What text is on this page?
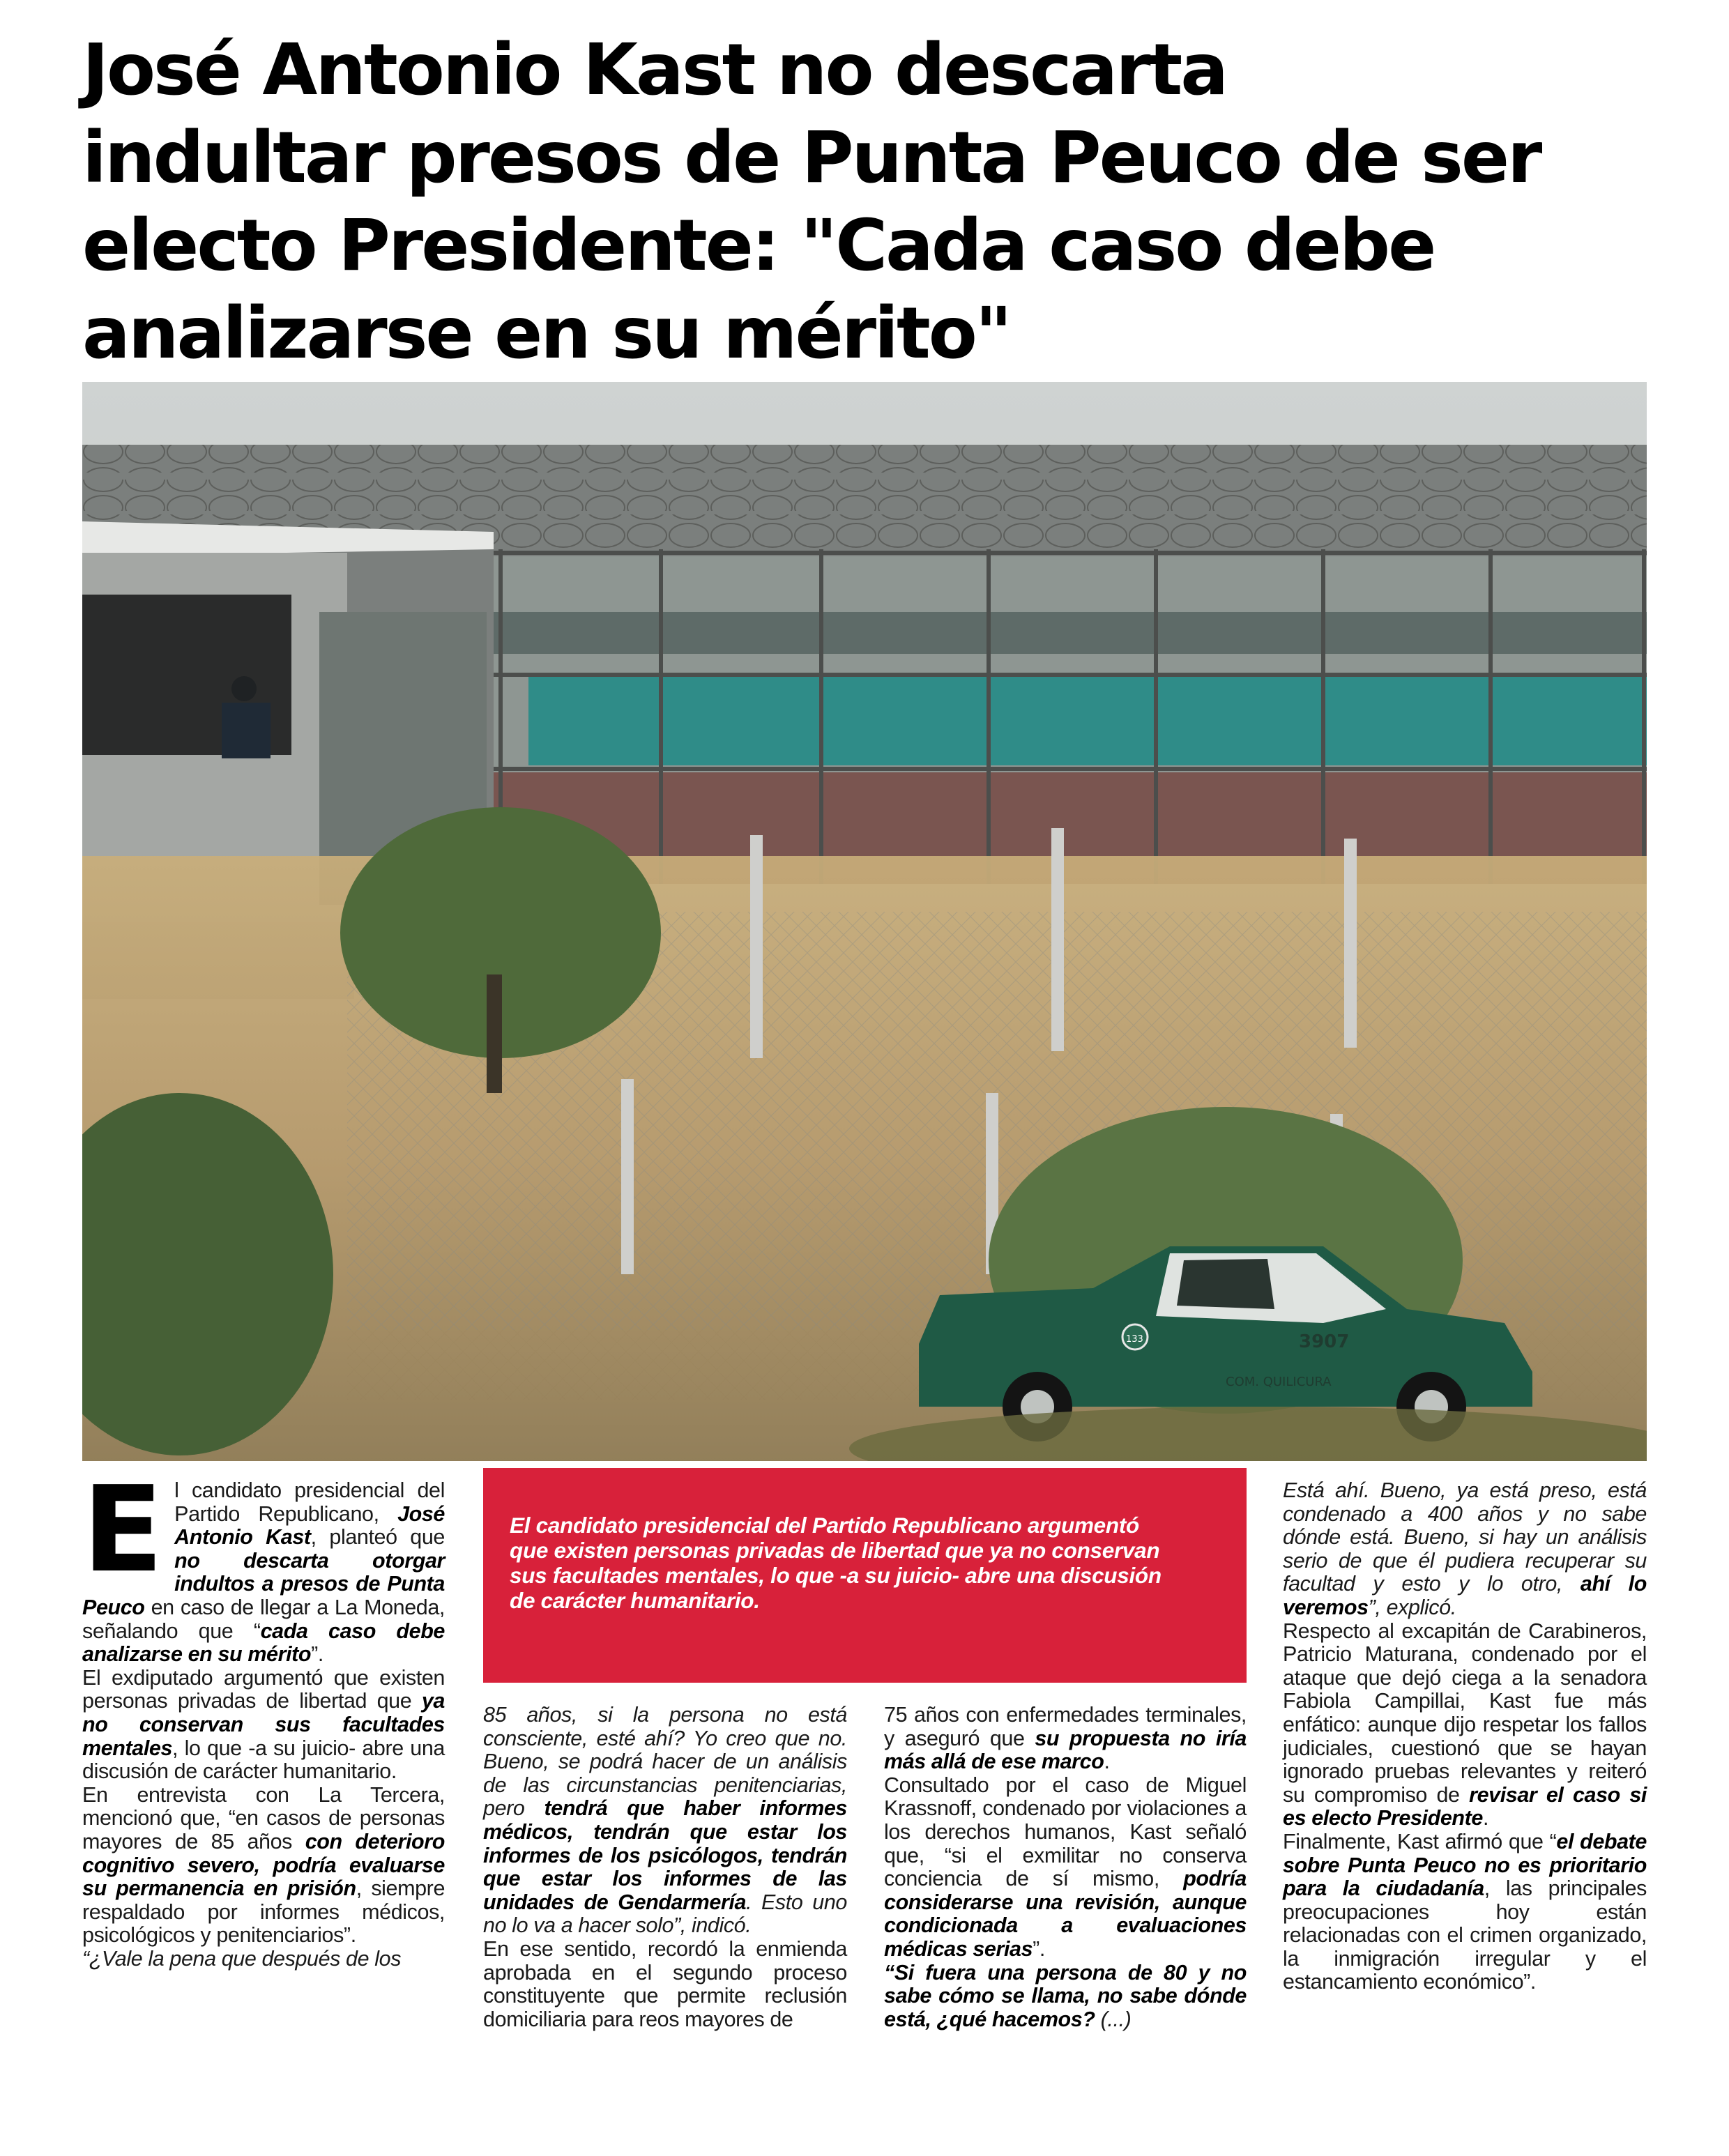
José Antonio Kast no descarta
indultar presos de Punta Peuco de ser
electo Presidente: "Cada caso debe
analizarse en su mérito"
3907
COM. QUILICURA
133

El candidato presidencial del Partido Republicano, José Antonio Kast, planteó que no descarta otorgar indultos a presos de Punta Peuco en caso de llegar a La Moneda, señalando que “cada caso debe analizarse en su mérito”.

El exdiputado argumentó que existen personas privadas de libertad que ya no conservan sus facultades mentales, lo que -a su juicio- abre una discusión de carácter humanitario.

En entrevista con La Tercera, mencionó que, “en casos de personas mayores de 85 años con deterioro cognitivo severo, podría evaluarse su permanencia en prisión, siempre respaldado por informes médicos, psicológicos y penitenciarios”.

“¿Vale la pena que después de los

El candidato presidencial del Partido Republicano argumentó
que existen personas privadas de libertad que ya no conservan
sus facultades mentales, lo que -a su juicio- abre una discusión
de carácter humanitario.

85 años, si la persona no está consciente, esté ahí? Yo creo que no. Bueno, se podrá hacer de un análisis de las circunstancias penitenciarias, pero tendrá que haber informes médicos, tendrán que estar los informes de los psicólogos, tendrán que estar los informes de las unidades de Gendarmería. Esto uno no lo va a hacer solo”, indicó.

En ese sentido, recordó la enmienda aprobada en el segundo proceso constituyente que permite reclusión domiciliaria para reos mayores de

75 años con enfermedades terminales, y aseguró que su propuesta no iría más allá de ese marco.

Consultado por el caso de Miguel Krassnoff, condenado por violaciones a los derechos humanos, Kast señaló que, “si el exmilitar no conserva conciencia de sí mismo, podría considerarse una revisión, aunque condicionada a evaluaciones médicas serias”.

“Si fuera una persona de 80 y no sabe cómo se llama, no sabe dónde está, ¿qué hacemos? (...)

Está ahí. Bueno, ya está preso, está condenado a 400 años y no sabe dónde está. Bueno, si hay un análisis serio de que él pudiera recuperar su facultad y esto y lo otro, ahí lo veremos”, explicó.

Respecto al excapitán de Carabineros, Patricio Maturana, condenado por el ataque que dejó ciega a la senadora Fabiola Campillai, Kast fue más enfático: aunque dijo respetar los fallos judiciales, cuestionó que se hayan ignorado pruebas relevantes y reiteró su compromiso de revisar el caso si es electo Presidente.

Finalmente, Kast afirmó que “el debate sobre Punta Peuco no es prioritario para la ciudadanía, las principales preocupaciones hoy están relacionadas con el crimen organizado, la inmigración irregular y el estancamiento económico”.
